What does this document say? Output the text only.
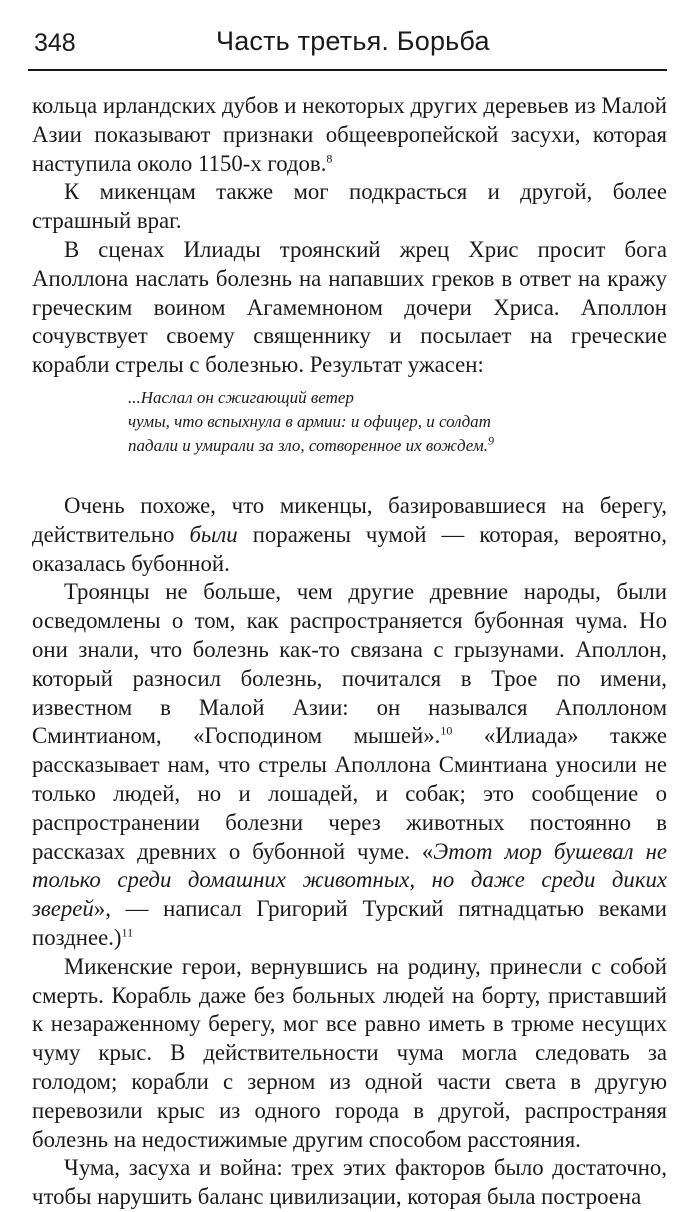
348	Часть третья. Борьба

кольца ирландских дубов и некоторых других деревьев из Малой Азии показывают признаки общеевропейской засухи, которая наступила около 1150-х годов.$^8$

К микенцам также мог подкрасться и другой, более страшный враг.

В сценах Илиады троянский жрец Хрис просит бога Аполлона наслать болезнь на напавших греков в ответ на кражу греческим воином Агамемноном дочери Хриса. Аполлон сочувствует своему священнику и посылает на греческие корабли стрелы с болезнью. Результат ужасен:

...Наслал он сжигающий ветер
чумы, что вспыхнула в армии: и офицер, и солдат
падали и умирали за зло, сотворенное их вождем.$^9$

Очень похоже, что микенцы, базировавшиеся на берегу, действительно были поражены чумой — которая, вероятно, оказалась бубонной.

Троянцы не больше, чем другие древние народы, были осведомлены о том, как распространяется бубонная чума. Но они знали, что болезнь как-то связана с грызунами. Аполлон, который разносил болезнь, почитался в Трое по имени, известном в Малой Азии: он назывался Аполлоном Сминтианом, «Господином мышей».$^{10}$ «Илиада» также рассказывает нам, что стрелы Аполлона Сминтиана уносили не только людей, но и лошадей, и собак; это сообщение о распространении болезни через животных постоянно в рассказах древних о бубонной чуме. «Этот мор бушевал не только среди домашних животных, но даже среди диких зверей», — написал Григорий Турский пятнадцатью веками позднее.)$^{11}$

Микенские герои, вернувшись на родину, принесли с собой смерть. Корабль даже без больных людей на борту, приставший к незараженному берегу, мог все равно иметь в трюме несущих чуму крыс. В действительности чума могла следовать за голодом; корабли с зерном из одной части света в другую перевозили крыс из одного города в другой, распространяя болезнь на недостижимые другим способом расстояния.

Чума, засуха и война: трех этих факторов было достаточно, чтобы нарушить баланс цивилизации, которая была построена
